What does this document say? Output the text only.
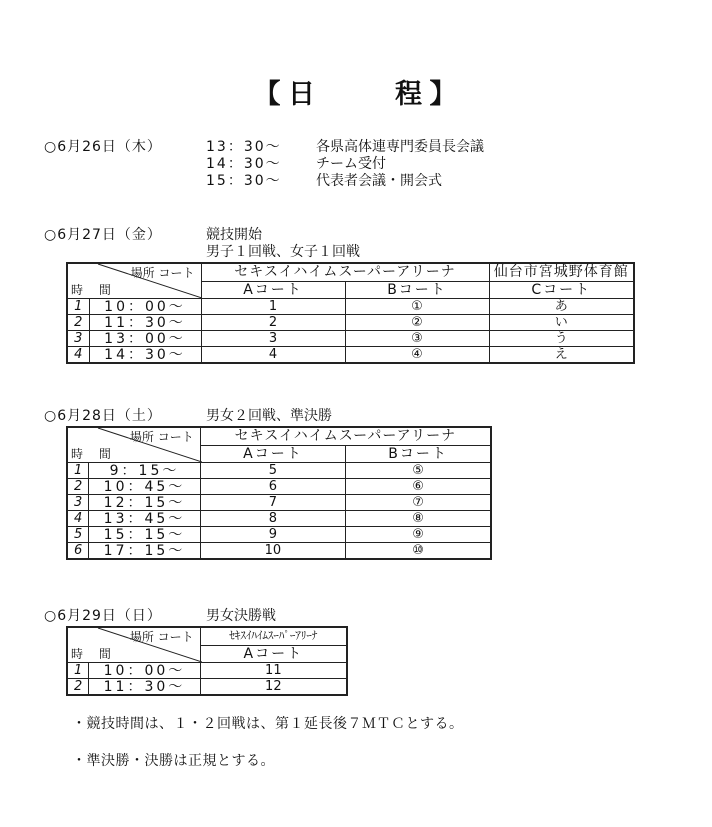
【 日	程 】
○6月26日（木）	13：30～ 各県高体連専門委員長会議
14：30～ チーム受付
15：30～ 代表者会議・開会式
○6月27日（金）	競技開始
男子１回戦、女子１回戦
場所 コート
時 間		セキスイハイムスーパーアリーナ		仙台市宮城野体育館
		Aコート	Bコート	Cコート
1	10：00～	1	①	あ
2	11：30～	2	②	い
3	13：00～	3	③	う
4	14：30～	4	④	え
○6月28日（土）	男女２回戦、準決勝
場所 コート
時 間		セキスイハイムスーパーアリーナ	
		Aコート	Bコート
1	9：15～	5	⑤
2	10：45～	6	⑥
3	12：15～	7	⑦
4	13：45～	8	⑧
5	15：15～	9	⑨
6	17：15～	10	⑩
○6月29日（日）	男女決勝戦
場所 コート
時 間		ｾｷｽｲﾊｲﾑｽｰﾊﾟｰｱﾘｰﾅ
		Aコート
1	10：00～	11
2	11：30～	12
・競技時間は、１・２回戦は、第１延長後７ＭＴＣとする。
・準決勝・決勝は正規とする。
